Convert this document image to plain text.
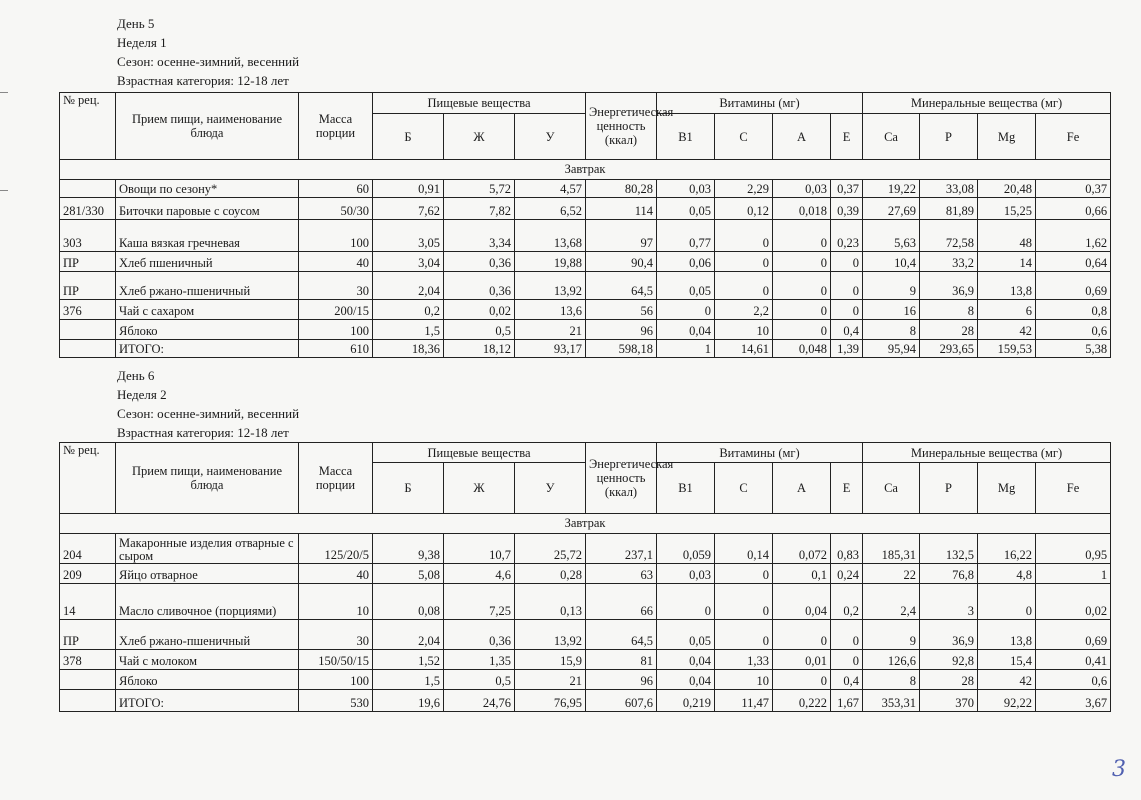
День 5
Неделя 1
Сезон: осенне-зимний, весенний
Взрастная категория: 12-18 лет
№ рец.	Прием пищи, наименование блюда	Масса порции	Пищевые вещества			Энергетическая ценность (ккал)	Витамины (мг)				Минеральные вещества (мг)			
			Б	Ж	У		B1	C	A	E	Ca	P	Mg	Fe
Завтрак														
	Овощи по сезону*	60	0,91	5,72	4,57	80,28	0,03	2,29	0,03	0,37	19,22	33,08	20,48	0,37
281/330	Биточки паровые с соусом	50/30	7,62	7,82	6,52	114	0,05	0,12	0,018	0,39	27,69	81,89	15,25	0,66
303	Каша вязкая гречневая	100	3,05	3,34	13,68	97	0,77	0	0	0,23	5,63	72,58	48	1,62
ПР	Хлеб пшеничный	40	3,04	0,36	19,88	90,4	0,06	0	0	0	10,4	33,2	14	0,64
ПР	Хлеб ржано-пшеничный	30	2,04	0,36	13,92	64,5	0,05	0	0	0	9	36,9	13,8	0,69
376	Чай с сахаром	200/15	0,2	0,02	13,6	56	0	2,2	0	0	16	8	6	0,8
	Яблоко	100	1,5	0,5	21	96	0,04	10	0	0,4	8	28	42	0,6
	ИТОГО:	610	18,36	18,12	93,17	598,18	1	14,61	0,048	1,39	95,94	293,65	159,53	5,38
День 6
Неделя 2
Сезон: осенне-зимний, весенний
Взрастная категория: 12-18 лет
№ рец.	Прием пищи, наименование блюда	Масса порции	Пищевые вещества			Энергетическая ценность (ккал)	Витамины (мг)				Минеральные вещества (мг)			
			Б	Ж	У		B1	C	A	E	Ca	P	Mg	Fe
Завтрак														
204	Макаронные изделия отварные с сыром	125/20/5	9,38	10,7	25,72	237,1	0,059	0,14	0,072	0,83	185,31	132,5	16,22	0,95
209	Яйцо отварное	40	5,08	4,6	0,28	63	0,03	0	0,1	0,24	22	76,8	4,8	1
14	Масло сливочное (порциями)	10	0,08	7,25	0,13	66	0	0	0,04	0,2	2,4	3	0	0,02
ПР	Хлеб ржано-пшеничный	30	2,04	0,36	13,92	64,5	0,05	0	0	0	9	36,9	13,8	0,69
378	Чай с молоком	150/50/15	1,52	1,35	15,9	81	0,04	1,33	0,01	0	126,6	92,8	15,4	0,41
	Яблоко	100	1,5	0,5	21	96	0,04	10	0	0,4	8	28	42	0,6
	ИТОГО:	530	19,6	24,76	76,95	607,6	0,219	11,47	0,222	1,67	353,31	370	92,22	3,67
3
